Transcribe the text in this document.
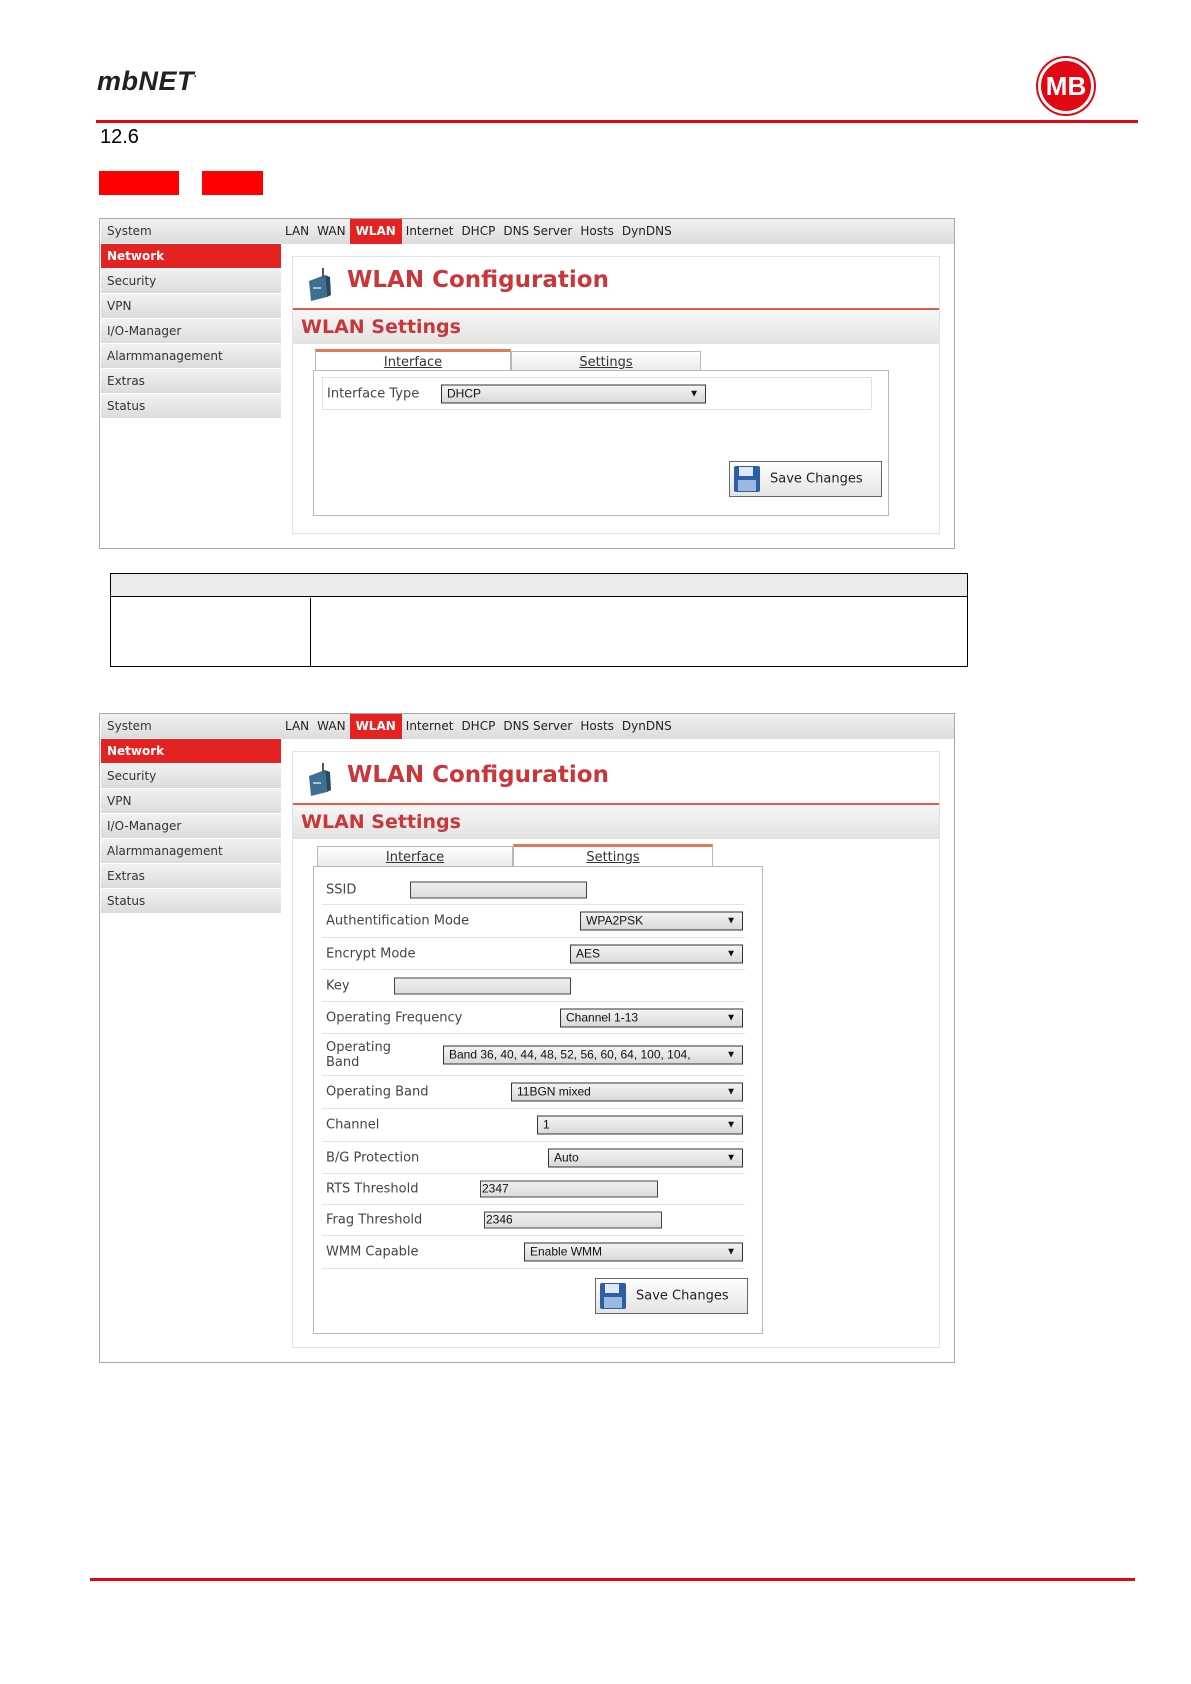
mbNET.	MB
12.6
System
Network
Security
VPN
I/O-Manager
Alarmmanagement
Extras
Status
LAN WAN WLAN Internet DHCP DNS Server Hosts DynDNS
WLAN Configuration
WLAN Settings
Interface	Settings
Interface Type	DHCP	▼
Save Changes
System
Network
Security
VPN
I/O-Manager
Alarmmanagement
Extras
Status
LAN WAN WLAN Internet DHCP DNS Server Hosts DynDNS
WLAN Configuration
WLAN Settings
Interface	Settings
SSID
Authentification Mode	WPA2PSK	▼
Encrypt Mode	AES	▼
Key
Operating Frequency	Channel 1-13	▼
Operating
Band
Band 36, 40, 44, 48, 52, 56, 60, 64, 100, 104,	▼
Operating Band	11BGN mixed	▼
Channel	1	▼
B/G Protection	Auto	▼
RTS Threshold	2347
Frag Threshold	2346
WMM Capable	Enable WMM	▼
Save Changes
